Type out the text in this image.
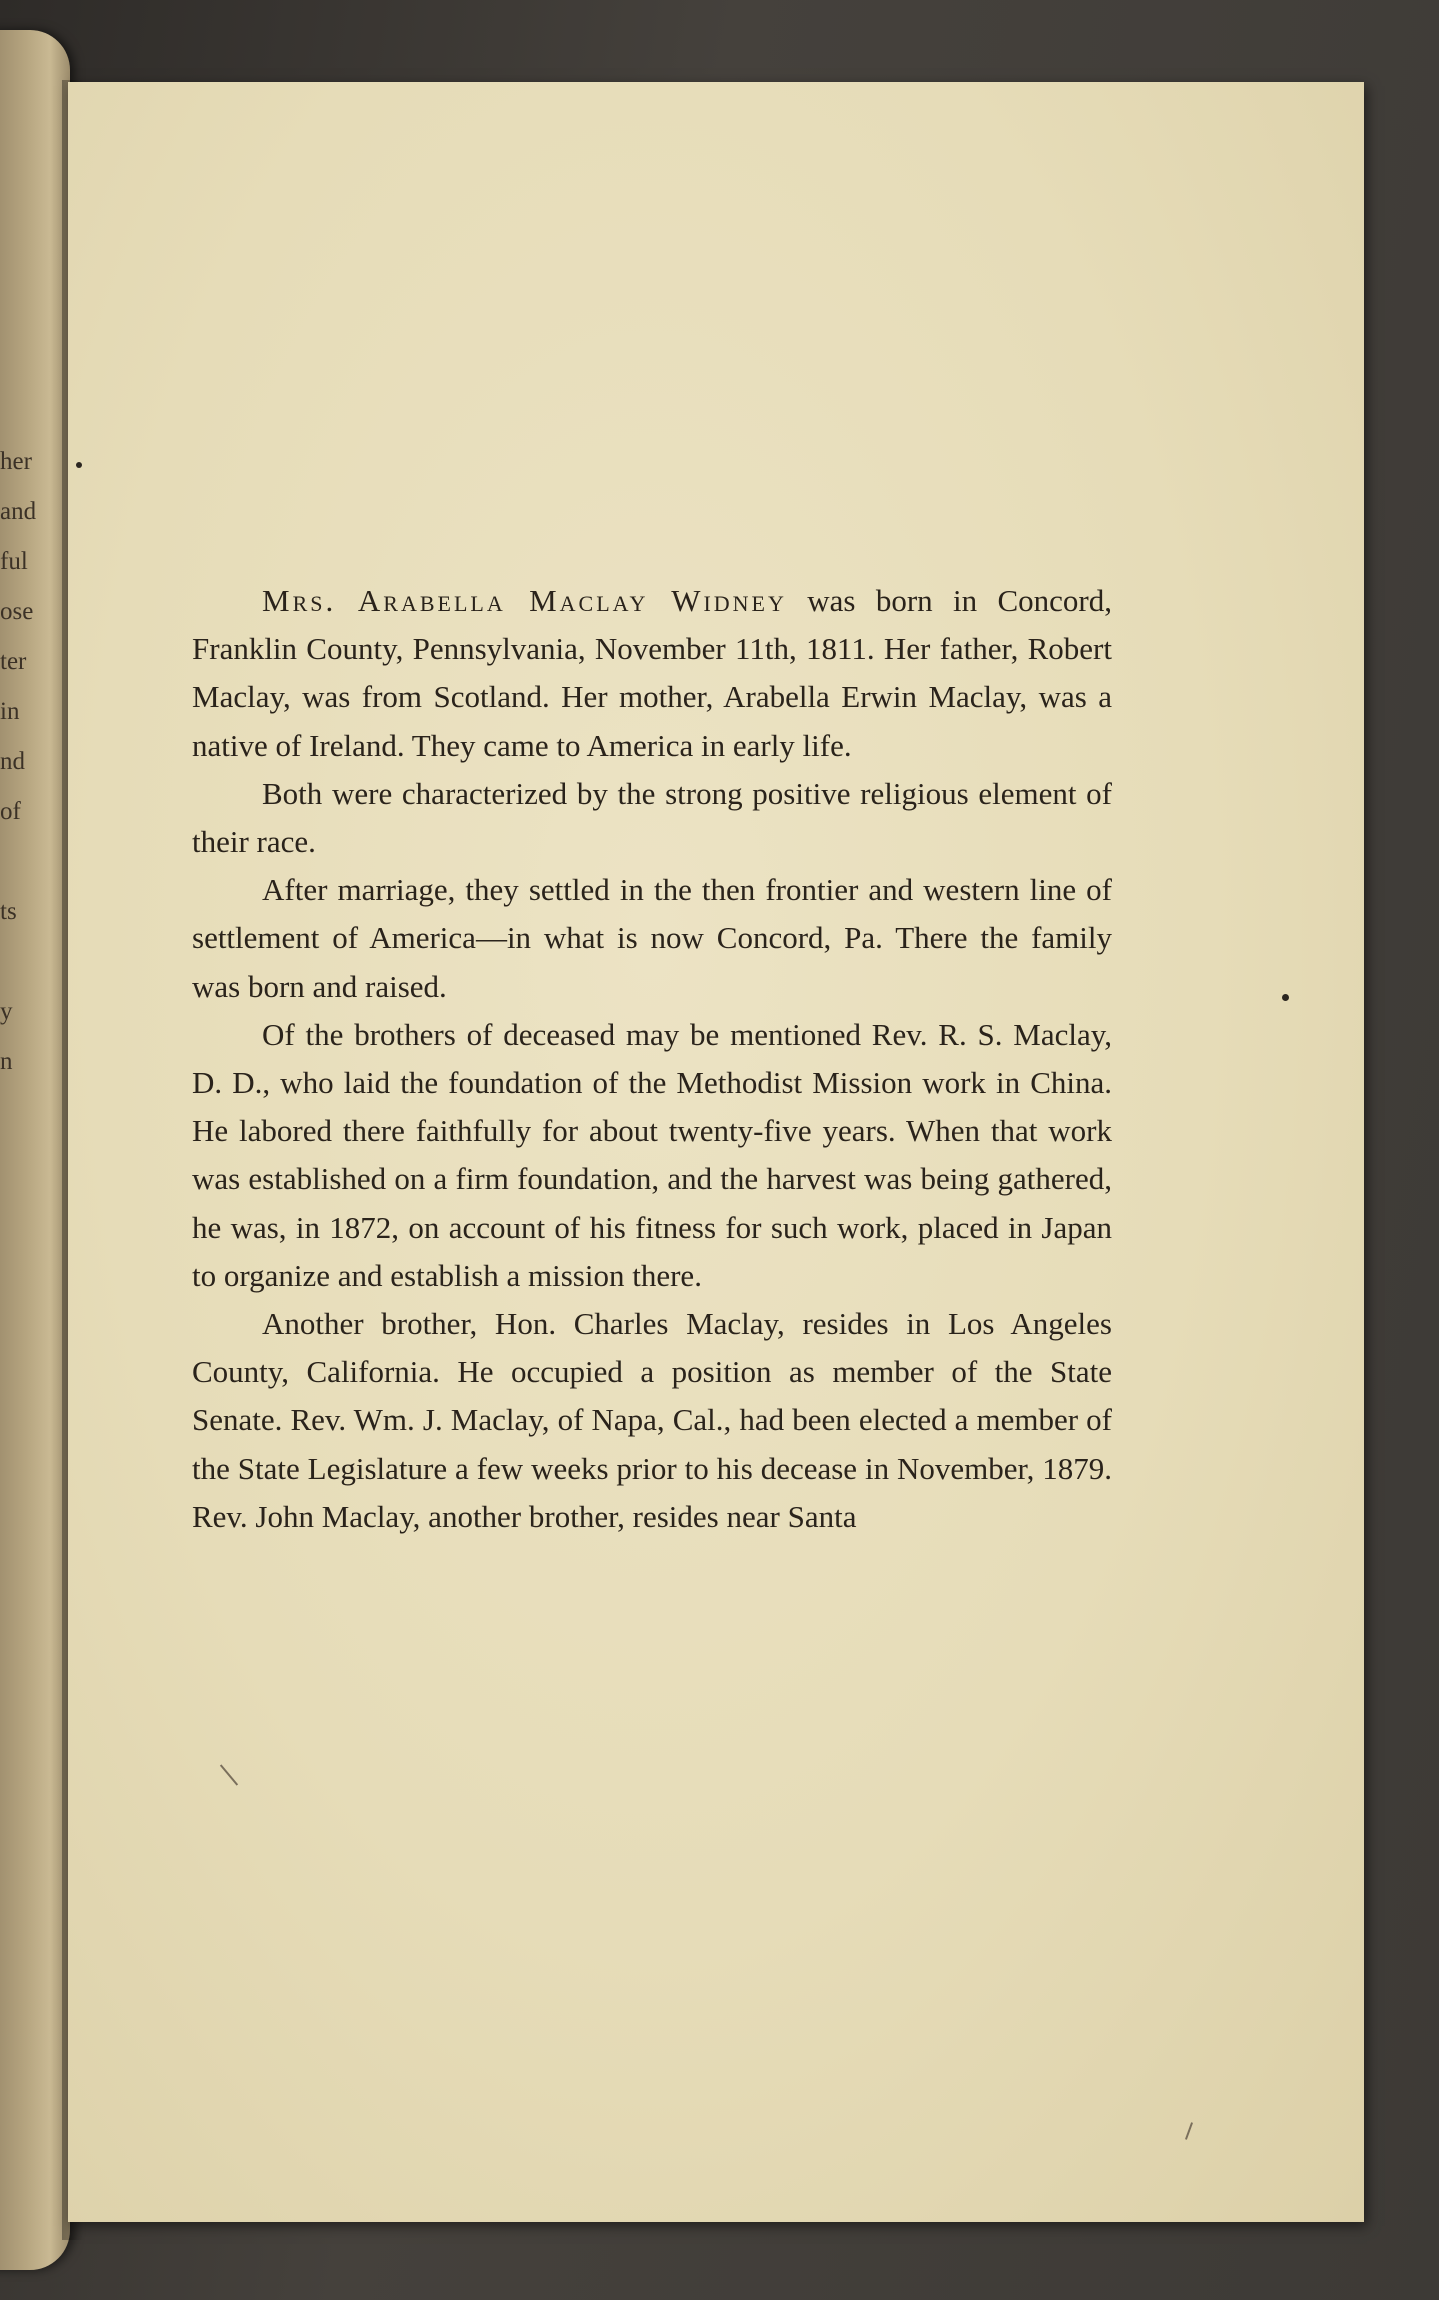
her
and
ful
ose
ter
in
nd
of
ts
y
n

Mrs. Arabella Maclay Widney was born in Concord, Franklin County, Pennsylvania, November 11th, 1811. Her father, Robert Maclay, was from Scotland. Her mother, Arabella Erwin Maclay, was a native of Ireland. They came to America in early life.

Both were characterized by the strong positive religious element of their race.

After marriage, they settled in the then frontier and western line of settlement of America—in what is now Concord, Pa. There the family was born and raised.

Of the brothers of deceased may be mentioned Rev. R. S. Maclay, D. D., who laid the foundation of the Methodist Mission work in China. He labored there faithfully for about twenty-five years. When that work was established on a firm foundation, and the harvest was being gathered, he was, in 1872, on account of his fitness for such work, placed in Japan to organize and establish a mission there.

Another brother, Hon. Charles Maclay, resides in Los Angeles County, California. He occupied a position as member of the State Senate. Rev. Wm. J. Maclay, of Napa, Cal., had been elected a member of the State Legislature a few weeks prior to his decease in November, 1879. Rev. John Maclay, another brother, resides near Santa
